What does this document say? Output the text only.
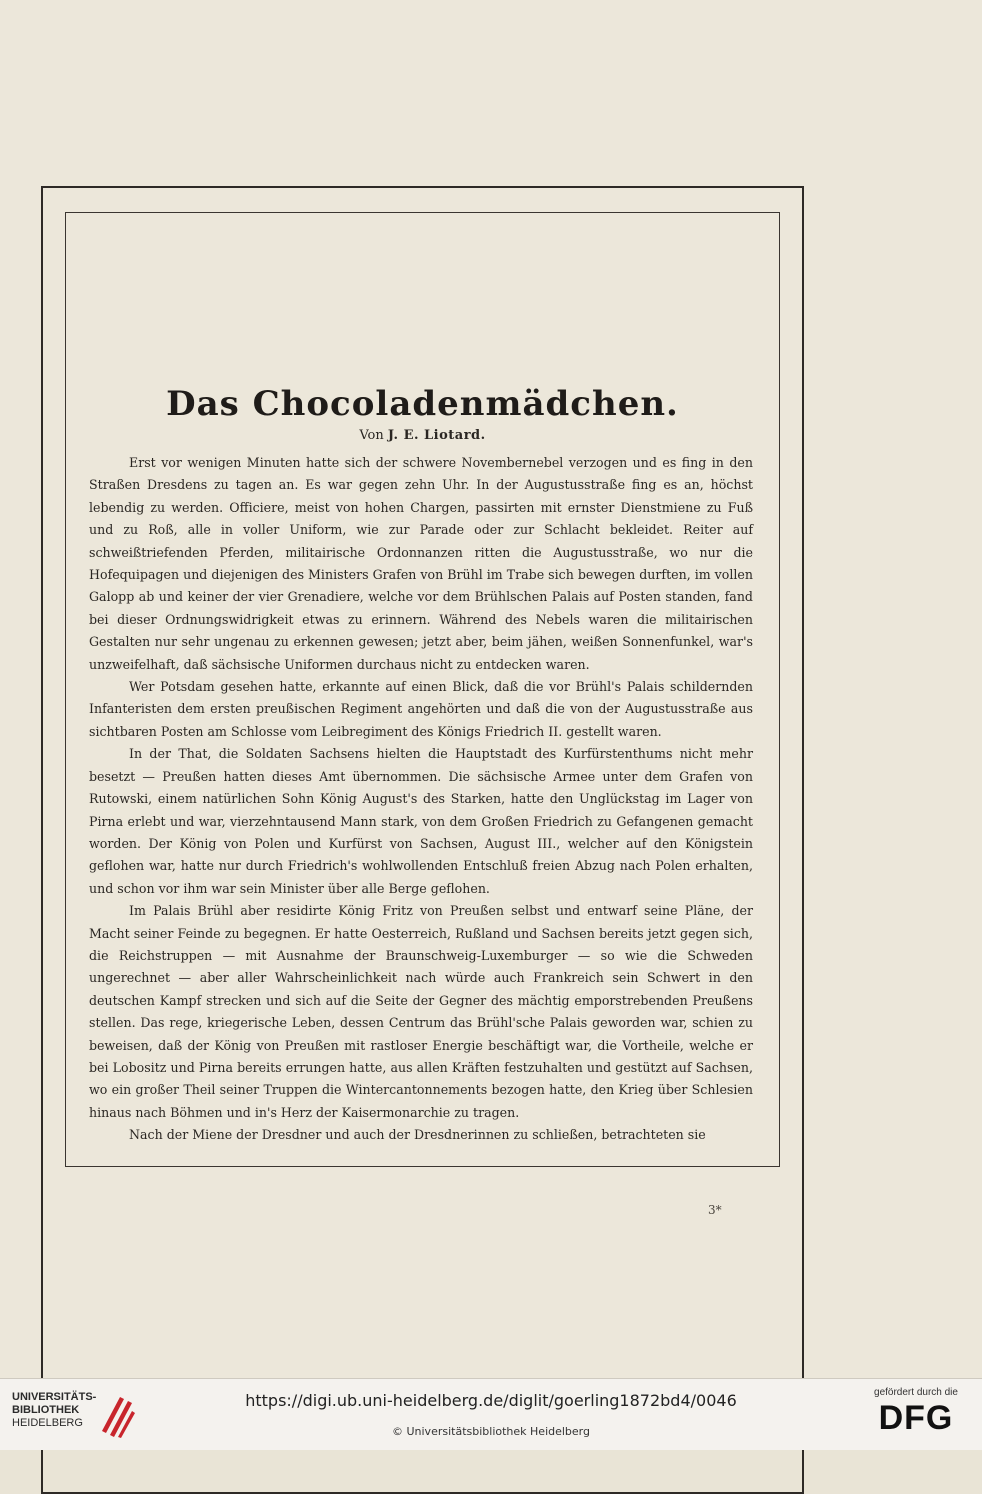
Das Chocoladenmädchen.
Von J. E. Liotard.

Erst vor wenigen Minuten hatte sich der schwere Novembernebel verzogen und es fing in den Straßen Dresdens zu tagen an. Es war gegen zehn Uhr. In der Augustusstraße fing es an, höchst lebendig zu werden. Officiere, meist von hohen Chargen, passirten mit ernster Dienstmiene zu Fuß und zu Roß, alle in voller Uniform, wie zur Parade oder zur Schlacht bekleidet. Reiter auf schweißtriefenden Pferden, militairische Ordonnanzen ritten die Augustusstraße, wo nur die Hofequipagen und diejenigen des Ministers Grafen von Brühl im Trabe sich bewegen durften, im vollen Galopp ab und keiner der vier Grenadiere, welche vor dem Brühlschen Palais auf Posten standen, fand bei dieser Ordnungswidrigkeit etwas zu erinnern. Während des Nebels waren die militairischen Gestalten nur sehr ungenau zu erkennen gewesen; jetzt aber, beim jähen, weißen Sonnenfunkel, war's unzweifelhaft, daß sächsische Uniformen durchaus nicht zu entdecken waren.

Wer Potsdam gesehen hatte, erkannte auf einen Blick, daß die vor Brühl's Palais schildernden Infanteristen dem ersten preußischen Regiment angehörten und daß die von der Augustusstraße aus sichtbaren Posten am Schlosse vom Leibregiment des Königs Friedrich II. gestellt waren.

In der That, die Soldaten Sachsens hielten die Hauptstadt des Kurfürstenthums nicht mehr besetzt — Preußen hatten dieses Amt übernommen. Die sächsische Armee unter dem Grafen von Rutowski, einem natürlichen Sohn König August's des Starken, hatte den Unglückstag im Lager von Pirna erlebt und war, vierzehntausend Mann stark, von dem Großen Friedrich zu Gefangenen gemacht worden. Der König von Polen und Kurfürst von Sachsen, August III., welcher auf den Königstein geflohen war, hatte nur durch Friedrich's wohlwollenden Entschluß freien Abzug nach Polen erhalten, und schon vor ihm war sein Minister über alle Berge geflohen.

Im Palais Brühl aber residirte König Fritz von Preußen selbst und entwarf seine Pläne, der Macht seiner Feinde zu begegnen. Er hatte Oesterreich, Rußland und Sachsen bereits jetzt gegen sich, die Reichstruppen — mit Ausnahme der Braunschweig-Luxemburger — so wie die Schweden ungerechnet — aber aller Wahrscheinlichkeit nach würde auch Frankreich sein Schwert in den deutschen Kampf strecken und sich auf die Seite der Gegner des mächtig emporstrebenden Preußens stellen. Das rege, kriegerische Leben, dessen Centrum das Brühl'sche Palais geworden war, schien zu beweisen, daß der König von Preußen mit rastloser Energie beschäftigt war, die Vortheile, welche er bei Lobositz und Pirna bereits errungen hatte, aus allen Kräften festzuhalten und gestützt auf Sachsen, wo ein großer Theil seiner Truppen die Wintercantonnements bezogen hatte, den Krieg über Schlesien hinaus nach Böhmen und in's Herz der Kaisermonarchie zu tragen.

Nach der Miene der Dresdner und auch der Dresdnerinnen zu schließen, betrachteten sie

3*
UNIVERSITÄTS-
BIBLIOTHEK
HEIDELBERG
https://digi.ub.uni-heidelberg.de/diglit/goerling1872bd4/0046
© Universitätsbibliothek Heidelberg
gefördert durch die
DFG
